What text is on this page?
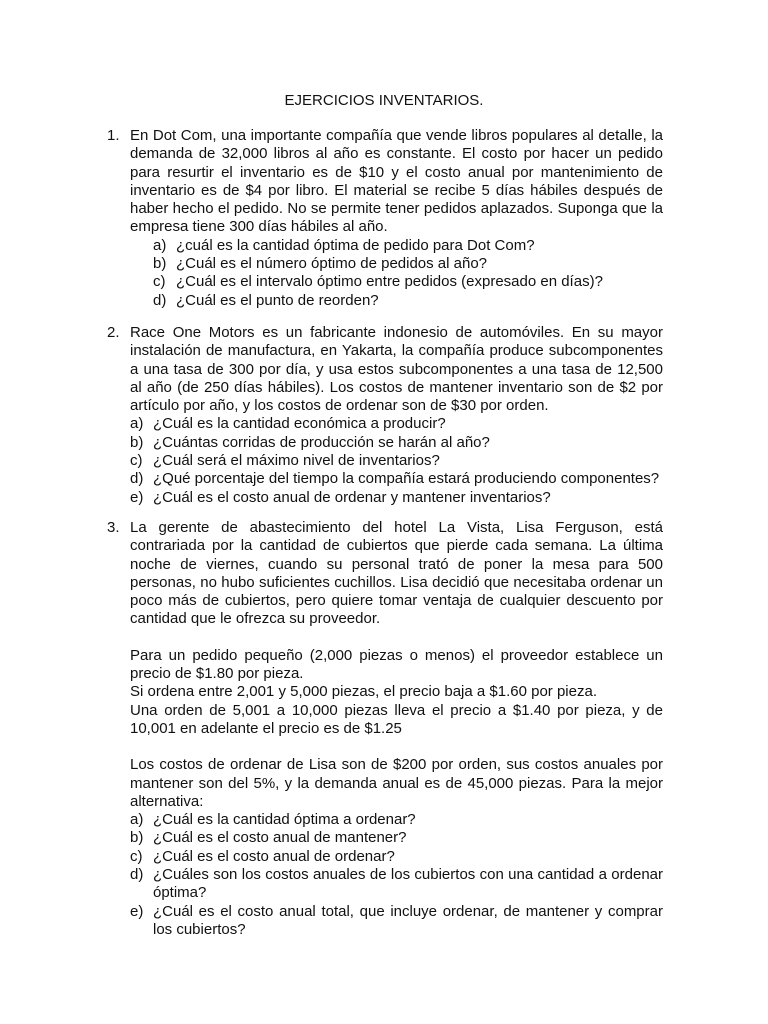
EJERCICIOS INVENTARIOS.
1. En Dot Com, una importante compañía que vende libros populares al detalle, la demanda de 32,000 libros al año es constante. El costo por hacer un pedido para resurtir el inventario es de $10 y el costo anual por mantenimiento de inventario es de $4 por libro. El material se recibe 5 días hábiles después de haber hecho el pedido. No se permite tener pedidos aplazados. Suponga que la empresa tiene 300 días hábiles al año.

a) ¿cuál es la cantidad óptima de pedido para Dot Com?
b) ¿Cuál es el número óptimo de pedidos al año?
c) ¿Cuál es el intervalo óptimo entre pedidos (expresado en días)?
d) ¿Cuál es el punto de reorden?
2. Race One Motors es un fabricante indonesio de automóviles. En su mayor instalación de manufactura, en Yakarta, la compañía produce subcomponentes a una tasa de 300 por día, y usa estos subcomponentes a una tasa de 12,500 al año (de 250 días hábiles). Los costos de mantener inventario son de $2 por artículo por año, y los costos de ordenar son de $30 por orden.

a) ¿Cuál es la cantidad económica a producir?
b) ¿Cuántas corridas de producción se harán al año?
c) ¿Cuál será el máximo nivel de inventarios?
d) ¿Qué porcentaje del tiempo la compañía estará produciendo componentes?
e) ¿Cuál es el costo anual de ordenar y mantener inventarios?
3. La gerente de abastecimiento del hotel La Vista, Lisa Ferguson, está contrariada por la cantidad de cubiertos que pierde cada semana. La última noche de viernes, cuando su personal trató de poner la mesa para 500 personas, no hubo suficientes cuchillos. Lisa decidió que necesitaba ordenar un poco más de cubiertos, pero quiere tomar ventaja de cualquier descuento por cantidad que le ofrezca su proveedor.

Para un pedido pequeño (2,000 piezas o menos) el proveedor establece un precio de $1.80 por pieza.

Si ordena entre 2,001 y 5,000 piezas, el precio baja a $1.60 por pieza.

Una orden de 5,001 a 10,000 piezas lleva el precio a $1.40 por pieza, y de 10,001 en adelante el precio es de $1.25

Los costos de ordenar de Lisa son de $200 por orden, sus costos anuales por mantener son del 5%, y la demanda anual es de 45,000 piezas. Para la mejor alternativa:

a) ¿Cuál es la cantidad óptima a ordenar?
b) ¿Cuál es el costo anual de mantener?
c) ¿Cuál es el costo anual de ordenar?
d) ¿Cuáles son los costos anuales de los cubiertos con una cantidad a ordenar óptima?
e) ¿Cuál es el costo anual total, que incluye ordenar, de mantener y comprar los cubiertos?
